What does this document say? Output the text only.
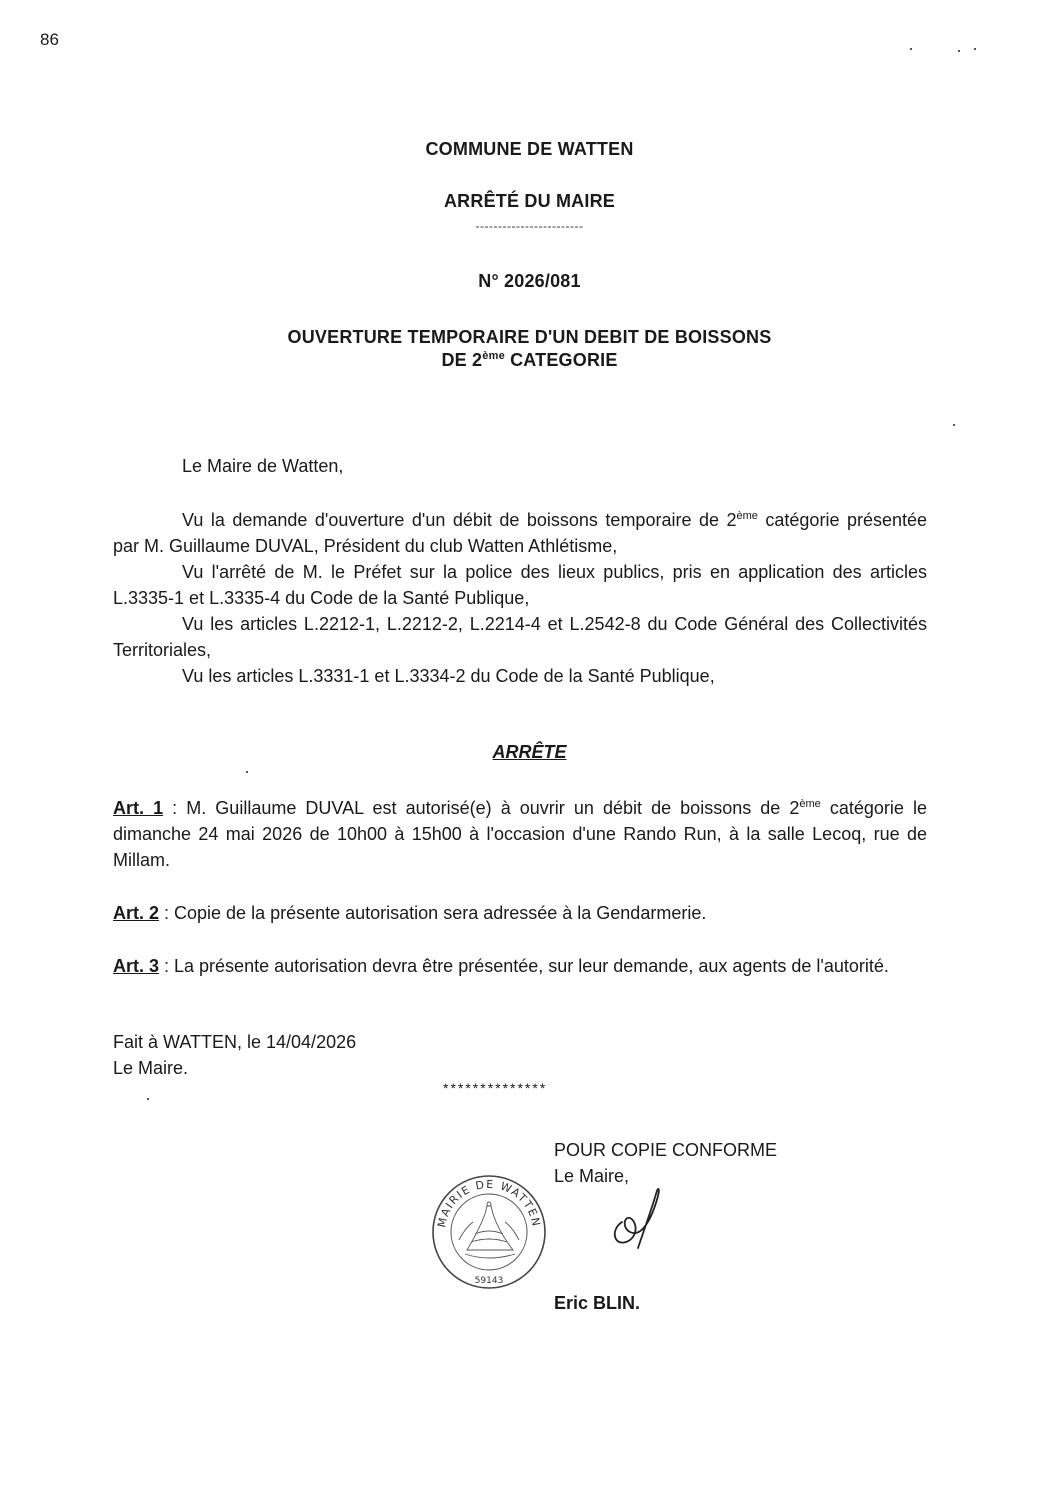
86
COMMUNE DE WATTEN
ARRÊTÉ DU MAIRE
------------------------
N° 2026/081
OUVERTURE TEMPORAIRE D'UN DEBIT DE BOISSONS
DE 2ème CATEGORIE
Le Maire de Watten,

Vu la demande d'ouverture d'un débit de boissons temporaire de 2ème catégorie présentée par M. Guillaume DUVAL, Président du club Watten Athlétisme,

Vu l'arrêté de M. le Préfet sur la police des lieux publics, pris en application des articles L.3335-1 et L.3335-4 du Code de la Santé Publique,

Vu les articles L.2212-1, L.2212-2, L.2214-4 et L.2542-8 du Code Général des Collectivités Territoriales,

Vu les articles L.3331-1 et L.3334-2 du Code de la Santé Publique,

ARRÊTE

Art. 1 : M. Guillaume DUVAL est autorisé(e) à ouvrir un débit de boissons de 2ème catégorie le dimanche 24 mai 2026 de 10h00 à 15h00 à l'occasion d'une Rando Run, à la salle Lecoq, rue de Millam.

Art. 2 : Copie de la présente autorisation sera adressée à la Gendarmerie.

Art. 3 : La présente autorisation devra être présentée, sur leur demande, aux agents de l'autorité.

Fait à WATTEN, le 14/04/2026
Le Maire.
**************
POUR COPIE CONFORME
Le Maire,
MAIRIE DE WATTEN
59143
Eric BLIN.
